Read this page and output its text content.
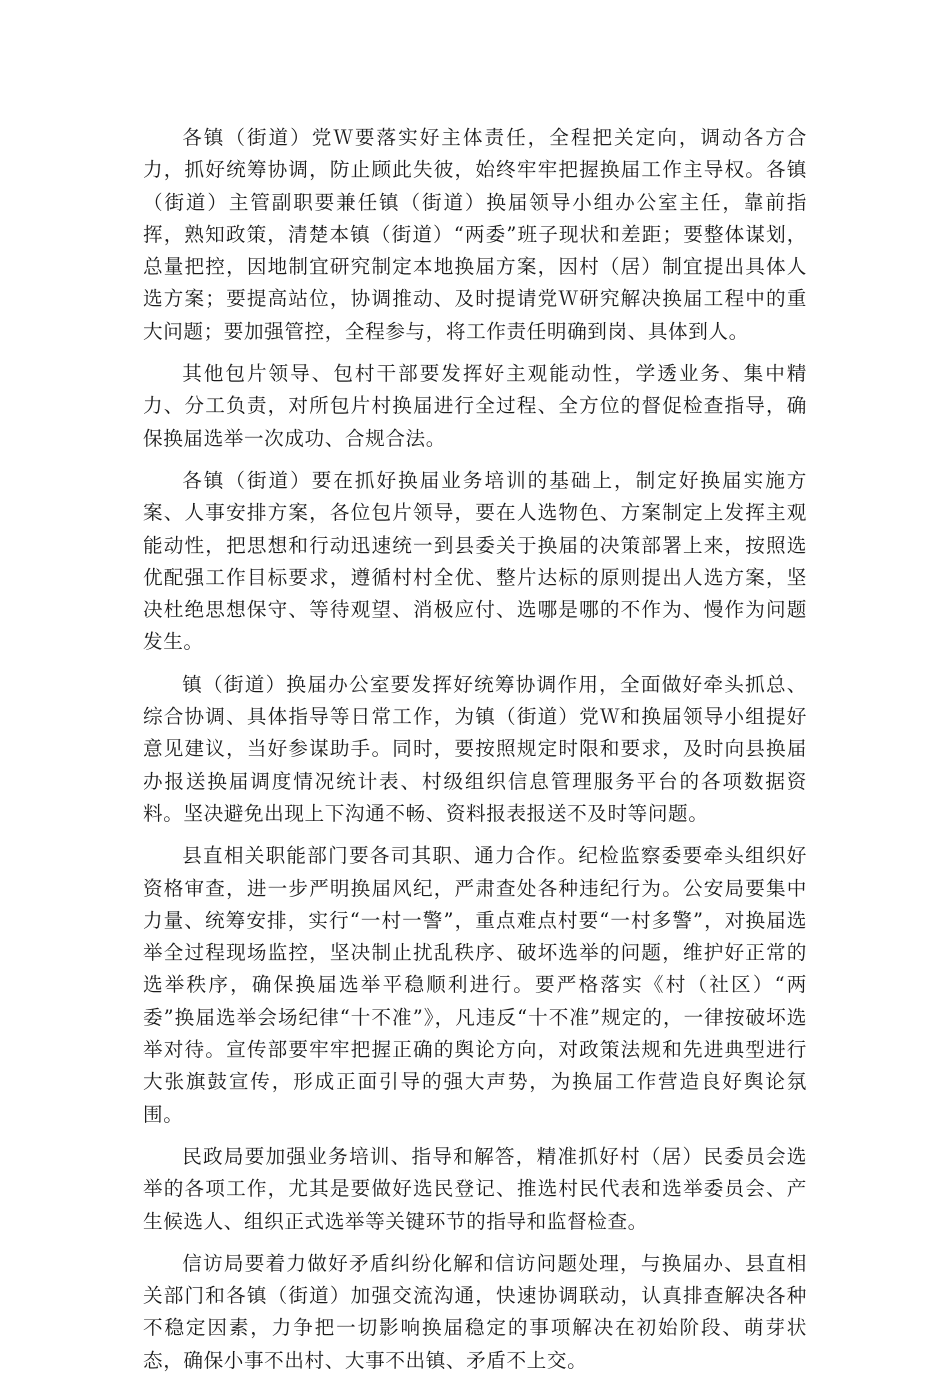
各镇（街道）党Ｗ要落实好主体责任，全程把关定向，调动各方合力，抓好统筹协调，防止顾此失彼，始终牢牢把握换届工作主导权。各镇（街道）主管副职要兼任镇（街道）换届领导小组办公室主任，靠前指挥，熟知政策，清楚本镇（街道）“两委”班子现状和差距；要整体谋划，总量把控，因地制宜研究制定本地换届方案，因村（居）制宜提出具体人选方案；要提高站位，协调推动、及时提请党Ｗ研究解决换届工程中的重大问题；要加强管控，全程参与，将工作责任明确到岗、具体到人。

其他包片领导、包村干部要发挥好主观能动性，学透业务、集中精力、分工负责，对所包片村换届进行全过程、全方位的督促检查指导，确保换届选举一次成功、合规合法。

各镇（街道）要在抓好换届业务培训的基础上，制定好换届实施方案、人事安排方案，各位包片领导，要在人选物色、方案制定上发挥主观能动性，把思想和行动迅速统一到县委关于换届的决策部署上来，按照选优配强工作目标要求，遵循村村全优、整片达标的原则提出人选方案，坚决杜绝思想保守、等待观望、消极应付、选哪是哪的不作为、慢作为问题发生。

镇（街道）换届办公室要发挥好统筹协调作用，全面做好牵头抓总、综合协调、具体指导等日常工作，为镇（街道）党Ｗ和换届领导小组提好意见建议，当好参谋助手。同时，要按照规定时限和要求，及时向县换届办报送换届调度情况统计表、村级组织信息管理服务平台的各项数据资料。坚决避免出现上下沟通不畅、资料报表报送不及时等问题。

县直相关职能部门要各司其职、通力合作。纪检监察委要牵头组织好资格审查，进一步严明换届风纪，严肃查处各种违纪行为。公安局要集中力量、统筹安排，实行“一村一警”，重点难点村要“一村多警”，对换届选举全过程现场监控，坚决制止扰乱秩序、破坏选举的问题，维护好正常的选举秩序，确保换届选举平稳顺利进行。要严格落实《村（社区）“两委”换届选举会场纪律“十不准”》，凡违反“十不准”规定的，一律按破坏选举对待。宣传部要牢牢把握正确的舆论方向，对政策法规和先进典型进行大张旗鼓宣传，形成正面引导的强大声势，为换届工作营造良好舆论氛围。

民政局要加强业务培训、指导和解答，精准抓好村（居）民委员会选举的各项工作，尤其是要做好选民登记、推选村民代表和选举委员会、产生候选人、组织正式选举等关键环节的指导和监督检查。

信访局要着力做好矛盾纠纷化解和信访问题处理，与换届办、县直相关部门和各镇（街道）加强交流沟通，快速协调联动，认真排查解决各种不稳定因素，力争把一切影响换届稳定的事项解决在初始阶段、萌芽状态，确保小事不出村、大事不出镇、矛盾不上交。
